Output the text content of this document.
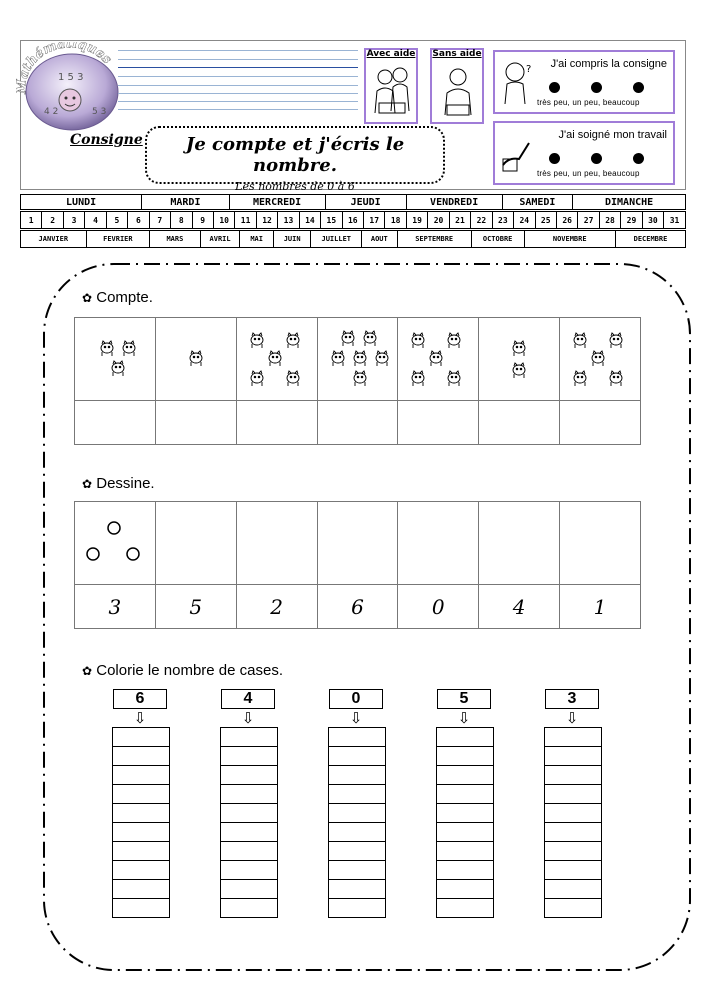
athématiques
1 5 3
4 2	5 3
Consigne	Je compte et j'écris le nombre.
Les nombres de 0 à 6
Avec aide Sans aide
? J'ai compris la consigne
très peu, un peu, beaucoup
J'ai soigné mon travail
très peu, un peu, beaucoup
LUNDI	MARDI	MERCREDI	JEUDI	VENDREDI	SAMEDI	DIMANCHE
1	2	3	4	5	6	7	8	9	10	11	12	13	14	15	16	17	18	19	20	21	22	23	24	25	26	27	28	29	30	31
JANVIER	FEVRIER	MARS	AVRIL	MAI	JUIN	JUILLET	AOUT	SEPTEMBRE	OCTOBRE	NOVEMBRE	DECEMBRE
✿ Compte.

✿ Dessine.

3	5	2	6	0	4	1
✿ Colorie le nombre de cases.
6
⇩
4
⇩
0
⇩
5
⇩
3
⇩
